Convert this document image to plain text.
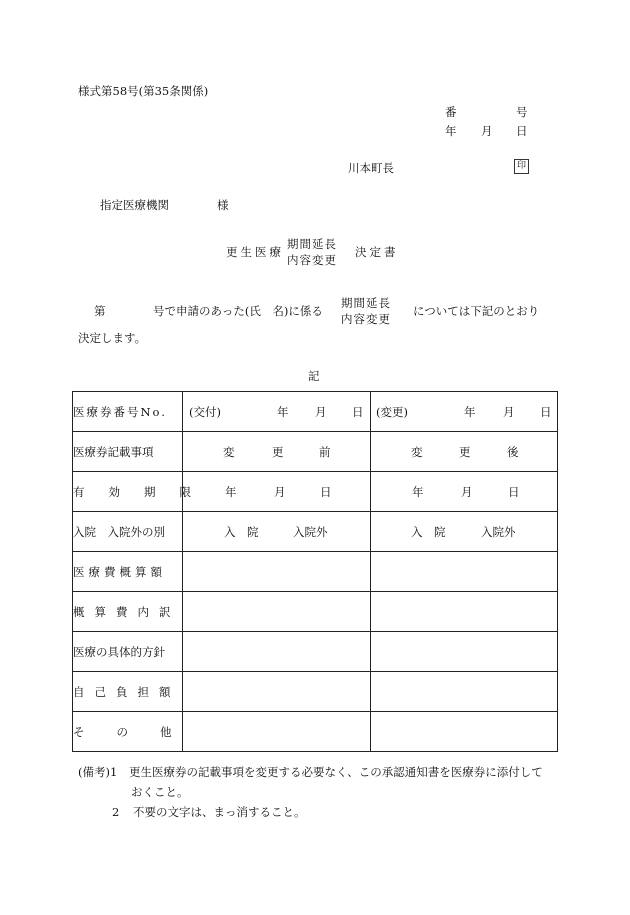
様式第58号(第35条関係)
番	号
年 月 日
川本町長	印
指定医療機関	様
更生医療
期間延長
内容変更
決定書
第	号で申請のあった(氏　名)に係る
期間延長
内容変更
については下記のとおり
決定します。
記
医療券番号No.	(交付) 年 月 日	(変更) 年 月 日

医療券記載事項	変 更 前	変 更 後

有 効 期 限	年 月 日	年 月 日

入院　入院外の別	入　院 入院外	入　院 入院外

医療費概算額		
概算費内訳		
医療の具体的方針		
自己負担額		
そ の 他		
(備考)1 更生医療券の記載事項を変更する必要なく、この承認通知書を医療券に添付して
おくこと。
2 不要の文字は、まっ消すること。
